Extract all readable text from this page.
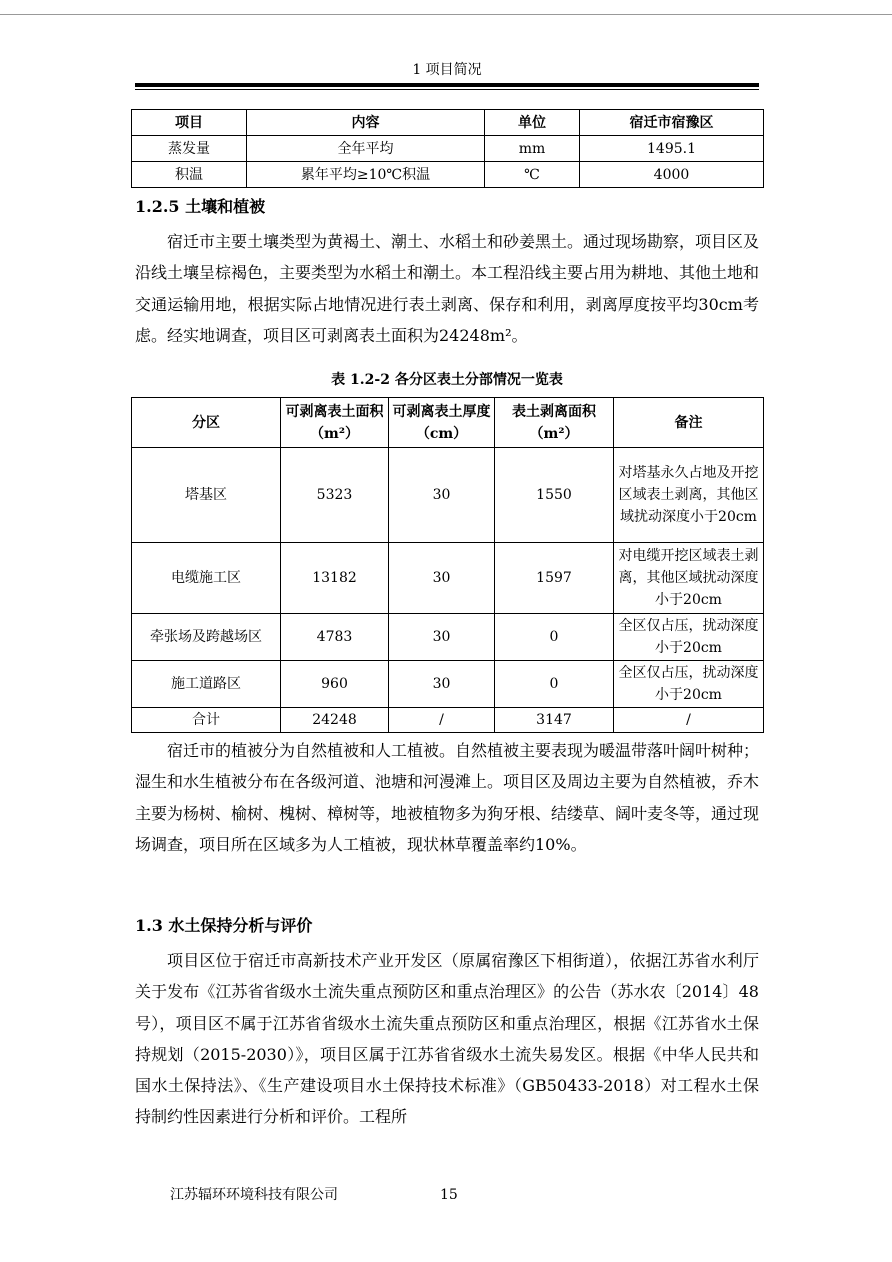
1 项目简况
项目	内容	单位	宿迁市宿豫区
蒸发量	全年平均	mm	1495.1
积温	累年平均≥10℃积温	℃	4000
1.2.5 土壤和植被

宿迁市主要土壤类型为黄褐土、潮土、水稻土和砂姜黑土。通过现场勘察，项目区及沿线土壤呈棕褐色，主要类型为水稻土和潮土。本工程沿线主要占用为耕地、其他土地和交通运输用地，根据实际占地情况进行表土剥离、保存和利用，剥离厚度按平均30cm考虑。经实地调查，项目区可剥离表土面积为24248m²。

表 1.2-2 各分区表土分部情况一览表
分区	可剥离表土面积（m²）	可剥离表土厚度（cm）	表土剥离面积（m²）	备注
塔基区	5323	30	1550	对塔基永久占地及开挖区域表土剥离，其他区域扰动深度小于20cm
电缆施工区	13182	30	1597	对电缆开挖区域表土剥离，其他区域扰动深度小于20cm
牵张场及跨越场区	4783	30	0	全区仅占压，扰动深度小于20cm
施工道路区	960	30	0	全区仅占压，扰动深度小于20cm
合计	24248	/	3147	/

宿迁市的植被分为自然植被和人工植被。自然植被主要表现为暖温带落叶阔叶树种；湿生和水生植被分布在各级河道、池塘和河漫滩上。项目区及周边主要为自然植被，乔木主要为杨树、榆树、槐树、樟树等，地被植物多为狗牙根、结缕草、阔叶麦冬等，通过现场调查，项目所在区域多为人工植被，现状林草覆盖率约10%。

1.3 水土保持分析与评价

项目区位于宿迁市高新技术产业开发区（原属宿豫区下相街道），依据江苏省水利厅关于发布《江苏省省级水土流失重点预防区和重点治理区》的公告（苏水农〔2014〕48号），项目区不属于江苏省省级水土流失重点预防区和重点治理区，根据《江苏省水土保持规划（2015-2030）》，项目区属于江苏省省级水土流失易发区。根据《中华人民共和国水土保持法》、《生产建设项目水土保持技术标准》（GB50433-2018）对工程水土保持制约性因素进行分析和评价。工程所

江苏辐环环境科技有限公司	15
